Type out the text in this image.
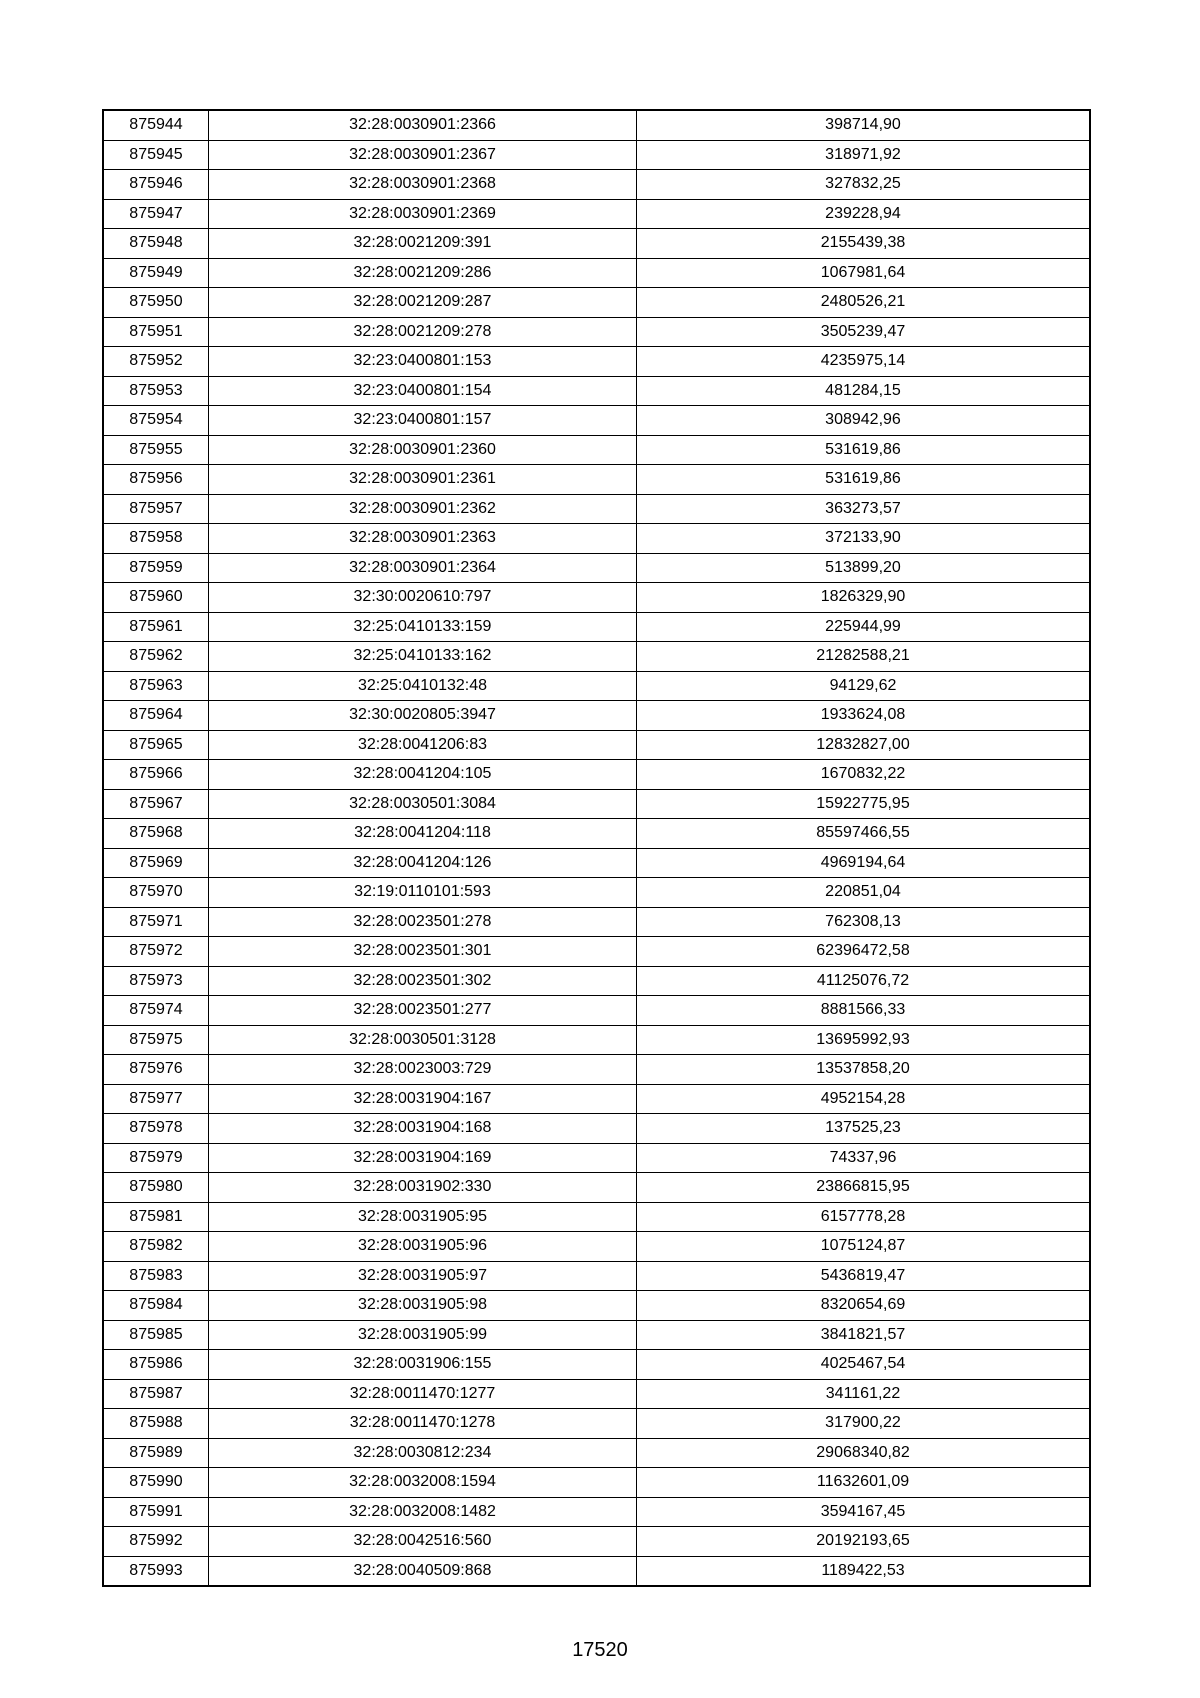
875944	32:28:0030901:2366	398714,90
875945	32:28:0030901:2367	318971,92
875946	32:28:0030901:2368	327832,25
875947	32:28:0030901:2369	239228,94
875948	32:28:0021209:391	2155439,38
875949	32:28:0021209:286	1067981,64
875950	32:28:0021209:287	2480526,21
875951	32:28:0021209:278	3505239,47
875952	32:23:0400801:153	4235975,14
875953	32:23:0400801:154	481284,15
875954	32:23:0400801:157	308942,96
875955	32:28:0030901:2360	531619,86
875956	32:28:0030901:2361	531619,86
875957	32:28:0030901:2362	363273,57
875958	32:28:0030901:2363	372133,90
875959	32:28:0030901:2364	513899,20
875960	32:30:0020610:797	1826329,90
875961	32:25:0410133:159	225944,99
875962	32:25:0410133:162	21282588,21
875963	32:25:0410132:48	94129,62
875964	32:30:0020805:3947	1933624,08
875965	32:28:0041206:83	12832827,00
875966	32:28:0041204:105	1670832,22
875967	32:28:0030501:3084	15922775,95
875968	32:28:0041204:118	85597466,55
875969	32:28:0041204:126	4969194,64
875970	32:19:0110101:593	220851,04
875971	32:28:0023501:278	762308,13
875972	32:28:0023501:301	62396472,58
875973	32:28:0023501:302	41125076,72
875974	32:28:0023501:277	8881566,33
875975	32:28:0030501:3128	13695992,93
875976	32:28:0023003:729	13537858,20
875977	32:28:0031904:167	4952154,28
875978	32:28:0031904:168	137525,23
875979	32:28:0031904:169	74337,96
875980	32:28:0031902:330	23866815,95
875981	32:28:0031905:95	6157778,28
875982	32:28:0031905:96	1075124,87
875983	32:28:0031905:97	5436819,47
875984	32:28:0031905:98	8320654,69
875985	32:28:0031905:99	3841821,57
875986	32:28:0031906:155	4025467,54
875987	32:28:0011470:1277	341161,22
875988	32:28:0011470:1278	317900,22
875989	32:28:0030812:234	29068340,82
875990	32:28:0032008:1594	11632601,09
875991	32:28:0032008:1482	3594167,45
875992	32:28:0042516:560	20192193,65
875993	32:28:0040509:868	1189422,53
17520
